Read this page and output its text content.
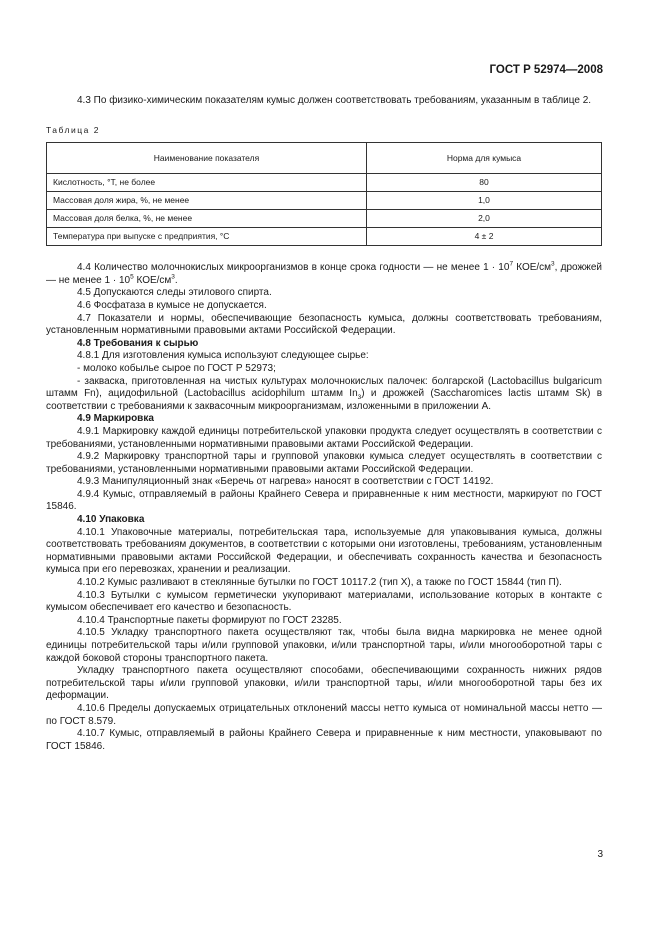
ГОСТ Р 52974—2008

4.3 По физико-химическим показателям кумыс должен соответствовать требованиям, указанным в таблице 2.

Таблица 2
Наименование показателя	Норма для кумыса
Кислотность, °Т, не более	80
Массовая доля жира, %, не менее	1,0
Массовая доля белка, %, не менее	2,0
Температура при выпуске с предприятия, °С	4 ± 2

4.4 Количество молочнокислых микроорганизмов в конце срока годности — не менее $1 \cdot 10^7$ КОЕ/$см^3$, дрожжей — не менее $1 \cdot 10^5$ КОЕ/$см^3$.

4.5 Допускаются следы этилового спирта.

4.6 Фосфатаза в кумысе не допускается.

4.7 Показатели и нормы, обеспечивающие безопасность кумыса, должны соответствовать требованиям, установленным нормативными правовыми актами Российской Федерации.

4.8 Требования к сырью

4.8.1 Для изготовления кумыса используют следующее сырье:

- молоко кобылье сырое по ГОСТ Р 52973;

- закваска, приготовленная на чистых культурах молочнокислых палочек: болгарской (Lactobacillus bulgaricum штамм Fn), ацидофильной (Lactobacillus acidophilum штамм $In_3$) и дрожжей (Saccharomices lactis штамм Sk) в соответствии с требованиями к заквасочным микроорганизмам, изложенными в приложении А.

4.9 Маркировка

4.9.1 Маркировку каждой единицы потребительской упаковки продукта следует осуществлять в соответствии с требованиями, установленными нормативными правовыми актами Российской Федерации.

4.9.2 Маркировку транспортной тары и групповой упаковки кумыса следует осуществлять в соответствии с требованиями, установленными нормативными правовыми актами Российской Федерации.

4.9.3 Манипуляционный знак «Беречь от нагрева» наносят в соответствии с ГОСТ 14192.

4.9.4 Кумыс, отправляемый в районы Крайнего Севера и приравненные к ним местности, маркируют по ГОСТ 15846.

4.10 Упаковка

4.10.1 Упаковочные материалы, потребительская тара, используемые для упаковывания кумыса, должны соответствовать требованиям документов, в соответствии с которыми они изготовлены, требованиям, установленным нормативными правовыми актами Российской Федерации, и обеспечивать сохранность качества и безопасность кумыса при его перевозках, хранении и реализации.

4.10.2 Кумыс разливают в стеклянные бутылки по ГОСТ 10117.2 (тип X), а также по ГОСТ 15844 (тип П).

4.10.3 Бутылки с кумысом герметически укупоривают материалами, использование которых в контакте с кумысом обеспечивает его качество и безопасность.

4.10.4 Транспортные пакеты формируют по ГОСТ 23285.

4.10.5 Укладку транспортного пакета осуществляют так, чтобы была видна маркировка не менее одной единицы потребительской тары и/или групповой упаковки, и/или транспортной тары, и/или многооборотной тары с каждой боковой стороны транспортного пакета.

Укладку транспортного пакета осуществляют способами, обеспечивающими сохранность нижних рядов потребительской тары и/или групповой упаковки, и/или транспортной тары, и/или многооборотной тары без их деформации.

4.10.6 Пределы допускаемых отрицательных отклонений массы нетто кумыса от номинальной массы нетто — по ГОСТ 8.579.

4.10.7 Кумыс, отправляемый в районы Крайнего Севера и приравненные к ним местности, упаковывают по ГОСТ 15846.

3
